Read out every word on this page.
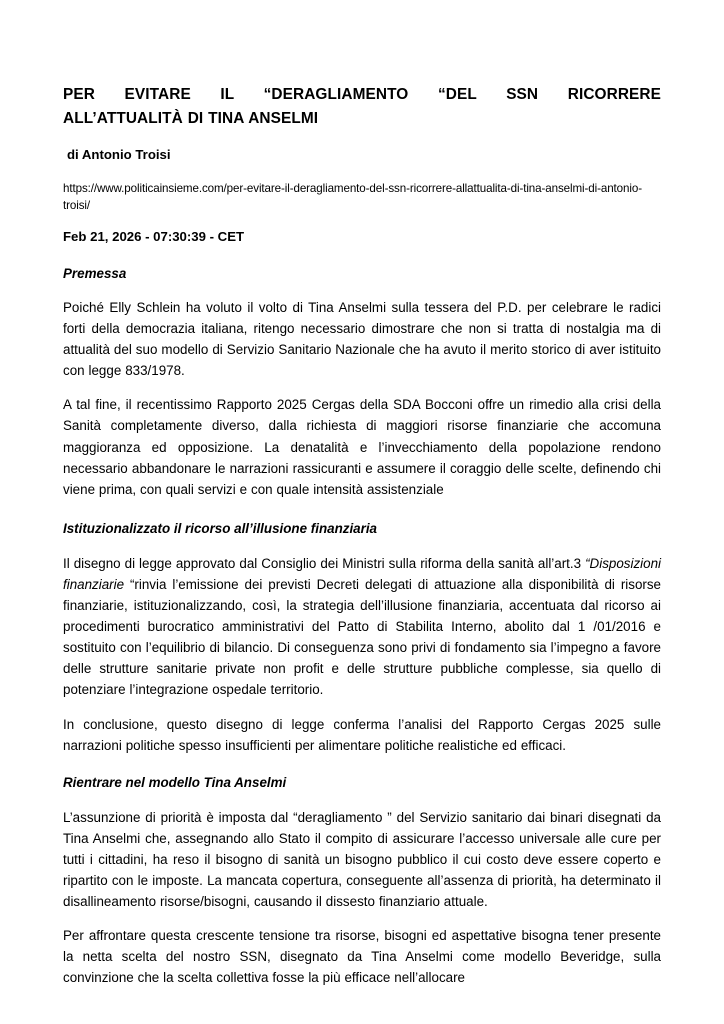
PER EVITARE IL “DERAGLIAMENTO “DEL SSN RICORRERE
ALL’ATTUALITÀ DI TINA ANSELMI

di Antonio Troisi

https://www.politicainsieme.com/per-evitare-il-deragliamento-del-ssn-ricorrere-allattualita-di-tina-anselmi-di-antonio-troisi/

Feb 21, 2026 - 07:30:39 - CET

Premessa

Poiché Elly Schlein ha voluto il volto di Tina Anselmi sulla tessera del P.D. per celebrare le radici forti della democrazia italiana, ritengo necessario dimostrare che non si tratta di nostalgia ma di attualità del suo modello di Servizio Sanitario Nazionale che ha avuto il merito storico di aver istituito con legge 833/1978.

A tal fine, il recentissimo Rapporto 2025 Cergas della SDA Bocconi offre un rimedio alla crisi della Sanità completamente diverso, dalla richiesta di maggiori risorse finanziarie che accomuna maggioranza ed opposizione. La denatalità e l’invecchiamento della popolazione rendono necessario abbandonare le narrazioni rassicuranti e assumere il coraggio delle scelte, definendo chi viene prima, con quali servizi e con quale intensità assistenziale

Istituzionalizzato il ricorso all’illusione finanziaria

Il disegno di legge approvato dal Consiglio dei Ministri sulla riforma della sanità all’art.3 “Disposizioni finanziarie “rinvia l’emissione dei previsti Decreti delegati di attuazione alla disponibilità di risorse finanziarie, istituzionalizzando, così, la strategia dell’illusione finanziaria, accentuata dal ricorso ai procedimenti burocratico amministrativi del Patto di Stabilita Interno, abolito dal 1 /01/2016 e sostituito con l’equilibrio di bilancio. Di conseguenza sono privi di fondamento sia l’impegno a favore delle strutture sanitarie private non profit e delle strutture pubbliche complesse, sia quello di potenziare l’integrazione ospedale territorio.

In conclusione, questo disegno di legge conferma l’analisi del Rapporto Cergas 2025 sulle narrazioni politiche spesso insufficienti per alimentare politiche realistiche ed efficaci.

Rientrare nel modello Tina Anselmi

L’assunzione di priorità è imposta dal “deragliamento ” del Servizio sanitario dai binari disegnati da Tina Anselmi che, assegnando allo Stato il compito di assicurare l’accesso universale alle cure per tutti i cittadini, ha reso il bisogno di sanità un bisogno pubblico il cui costo deve essere coperto e ripartito con le imposte. La mancata copertura, conseguente all’assenza di priorità, ha determinato il disallineamento risorse/bisogni, causando il dissesto finanziario attuale.

Per affrontare questa crescente tensione tra risorse, bisogni ed aspettative bisogna tener presente la netta scelta del nostro SSN, disegnato da Tina Anselmi come modello Beveridge, sulla convinzione che la scelta collettiva fosse la più efficace nell’allocare
